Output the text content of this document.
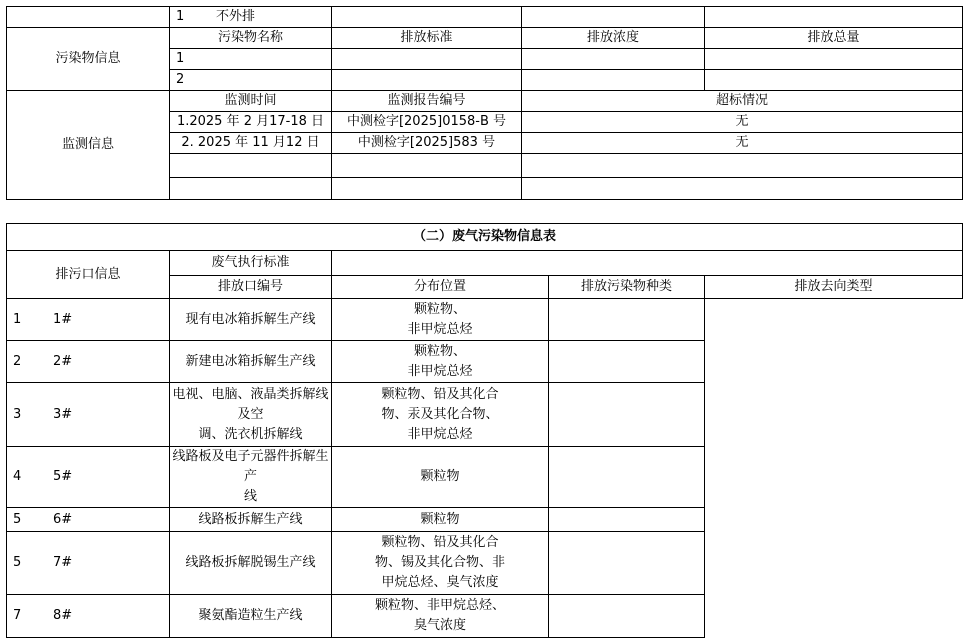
	1 不外排			
污染物信息	污染物名称	排放标准	排放浓度	排放总量
	1			
	2			
监测信息	监测时间	监测报告编号	超标情况	
	1.2025 年 2 月17-18 日	中测检字[2025]0158-B 号	无	
	2. 2025 年 11 月12 日	中测检字[2025]583 号	无	

（二）废气污染物信息表				
排污口信息	废气执行标准			
	排放口编号	分布位置	排放污染物种类	排放去向类型
1 1#	现有电冰箱拆解生产线	颗粒物、
非甲烷总烃		
2 2#	新建电冰箱拆解生产线	颗粒物、
非甲烷总烃		
3 3#	电视、电脑、液晶类拆解线及空
调、洗衣机拆解线	颗粒物、铅及其化合
物、汞及其化合物、
非甲烷总烃		
4 5#	线路板及电子元器件拆解生产
线	颗粒物		
5 6#	线路板拆解生产线	颗粒物		
5 7#	线路板拆解脱锡生产线	颗粒物、铅及其化合
物、锡及其化合物、非
甲烷总烃、臭气浓度		
7 8#	聚氨酯造粒生产线	颗粒物、非甲烷总烃、
臭气浓度		
